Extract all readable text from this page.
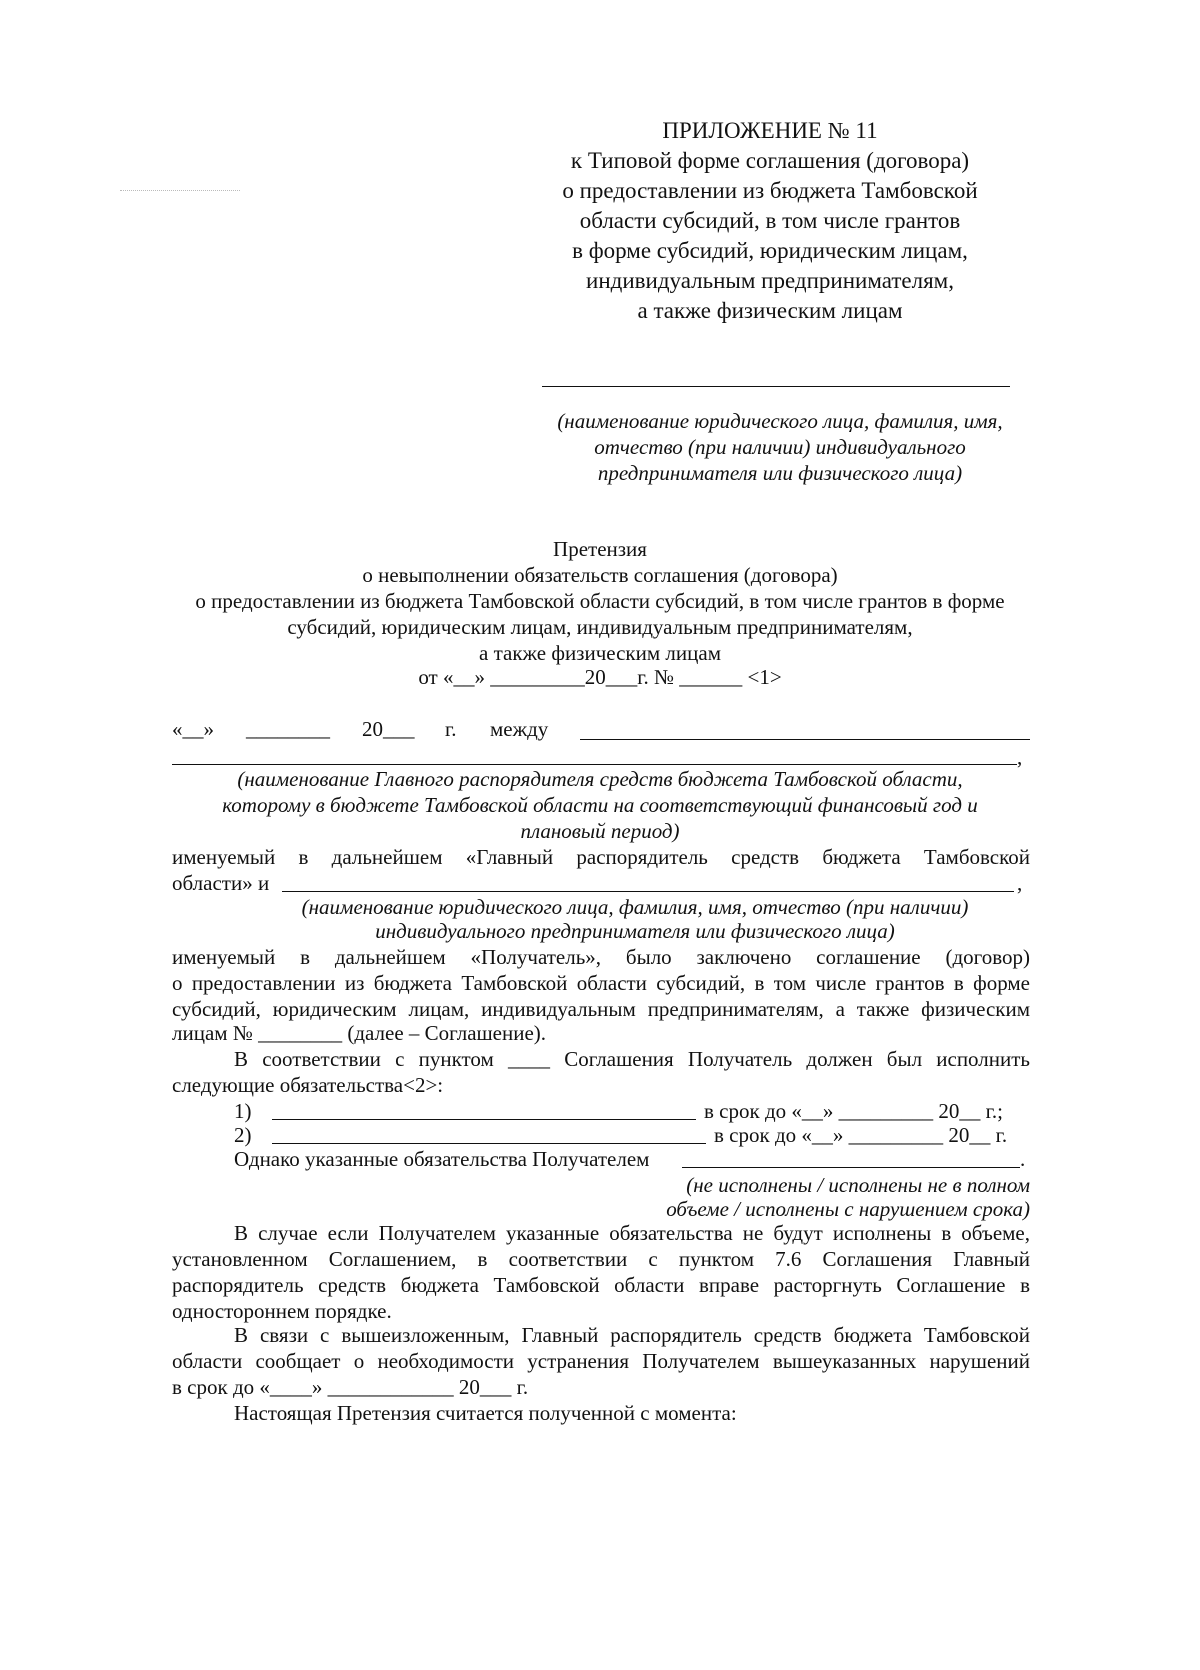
ПРИЛОЖЕНИЕ № 11
к Типовой форме соглашения (договора)
о предоставлении из бюджета Тамбовской
области субсидий, в том числе грантов
в форме субсидий, юридическим лицам,
индивидуальным предпринимателям,
а также физическим лицам
(наименование юридического лица, фамилия, имя,
отчество (при наличии) индивидуального
предпринимателя или физического лица)
Претензия
о невыполнении обязательств соглашения (договора)
о предоставлении из бюджета Тамбовской области субсидий, в том числе грантов в форме
субсидий, юридическим лицам, индивидуальным предпринимателям,
а также физическим лицам
от «__» _________20___г. № ______ <1>
«__» ________ 20___ г. между
,
(наименование Главного распорядителя средств бюджета Тамбовской области,
которому в бюджете Тамбовской области на соответствующий финансовый год и
плановый период)
именуемый в дальнейшем «Главный распорядитель средств бюджета Тамбовской
области» и	,
(наименование юридического лица, фамилия, имя, отчество (при наличии)
индивидуального предпринимателя или физического лица)
именуемый в дальнейшем «Получатель», было заключено соглашение (договор)
о предоставлении из бюджета Тамбовской области субсидий, в том числе грантов в форме
субсидий, юридическим лицам, индивидуальным предпринимателям, а также физическим
лицам № ________ (далее – Соглашение).
В соответствии с пунктом ____ Соглашения Получатель должен был исполнить
следующие обязательства<2>:
1)	в срок до «__» _________ 20__ г.;
2)	в срок до «__» _________ 20__ г.
Однако указанные обязательства Получателем	.
(не исполнены / исполнены не в полном
объеме / исполнены с нарушением срока)
В случае если Получателем указанные обязательства не будут исполнены в объеме,
установленном Соглашением, в соответствии с пунктом 7.6 Соглашения Главный
распорядитель средств бюджета Тамбовской области вправе расторгнуть Соглашение в
одностороннем порядке.
В связи с вышеизложенным, Главный распорядитель средств бюджета Тамбовской
области сообщает о необходимости устранения Получателем вышеуказанных нарушений
в срок до «____» ____________ 20___ г.
Настоящая Претензия считается полученной с момента:
